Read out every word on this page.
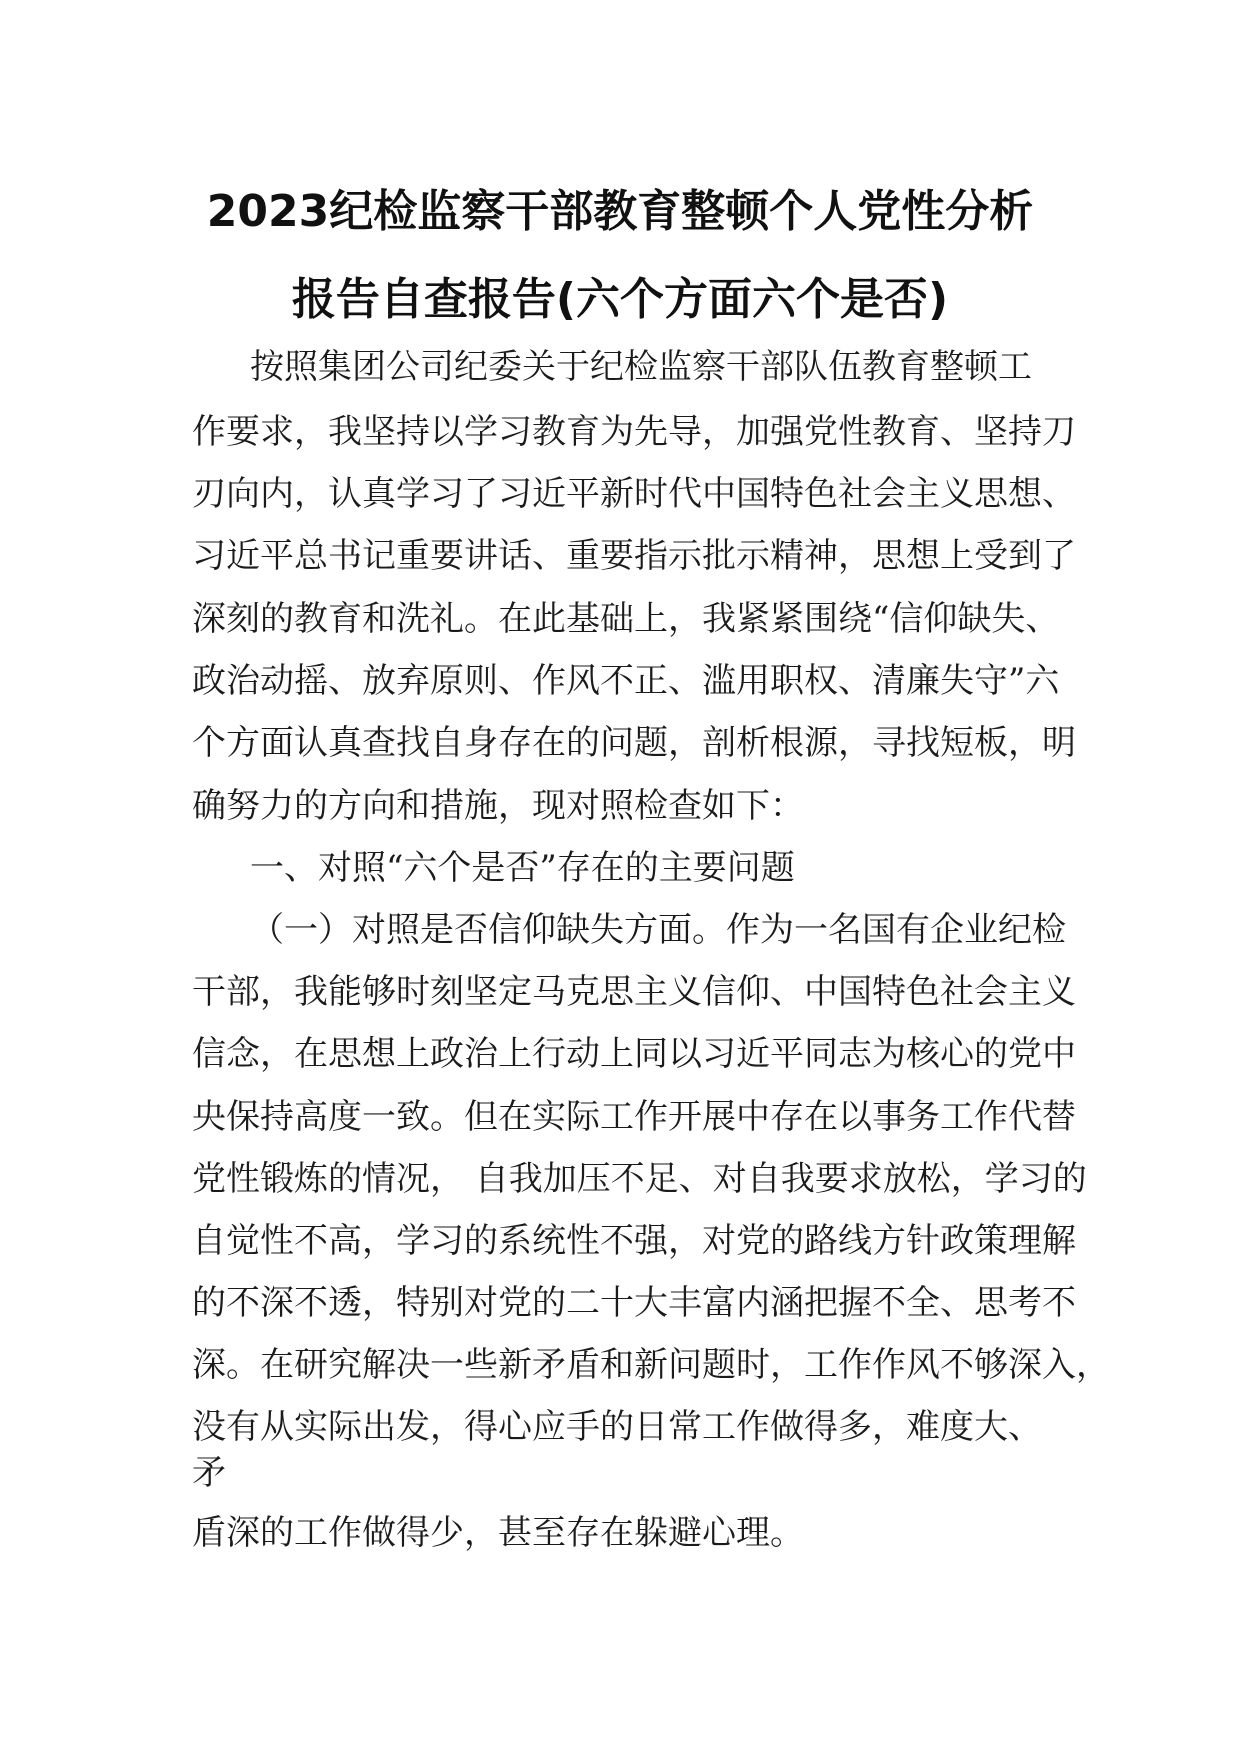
2023纪检监察干部教育整顿个人党性分析
报告自查报告(六个方面六个是否)
按照集团公司纪委关于纪检监察干部队伍教育整顿工
作要求，我坚持以学习教育为先导，加强党性教育、坚持刀
刃向内，认真学习了习近平新时代中国特色社会主义思想、
习近平总书记重要讲话、重要指示批示精神，思想上受到了
深刻的教育和洗礼。在此基础上，我紧紧围绕“信仰缺失、
政治动摇、放弃原则、作风不正、滥用职权、清廉失守”六
个方面认真查找自身存在的问题，剖析根源，寻找短板，明
确努力的方向和措施，现对照检查如下：
一、对照“六个是否”存在的主要问题
（一）对照是否信仰缺失方面。作为一名国有企业纪检
干部，我能够时刻坚定马克思主义信仰、中国特色社会主义
信念，在思想上政治上行动上同以习近平同志为核心的党中
央保持高度一致。但在实际工作开展中存在以事务工作代替
党性锻炼的情况， 自我加压不足、对自我要求放松，学习的
自觉性不高，学习的系统性不强，对党的路线方针政策理解
的不深不透，特别对党的二十大丰富内涵把握不全、思考不
深。在研究解决一些新矛盾和新问题时，工作作风不够深入，
没有从实际出发，得心应手的日常工作做得多，难度大、
矛
盾深的工作做得少，甚至存在躲避心理。
